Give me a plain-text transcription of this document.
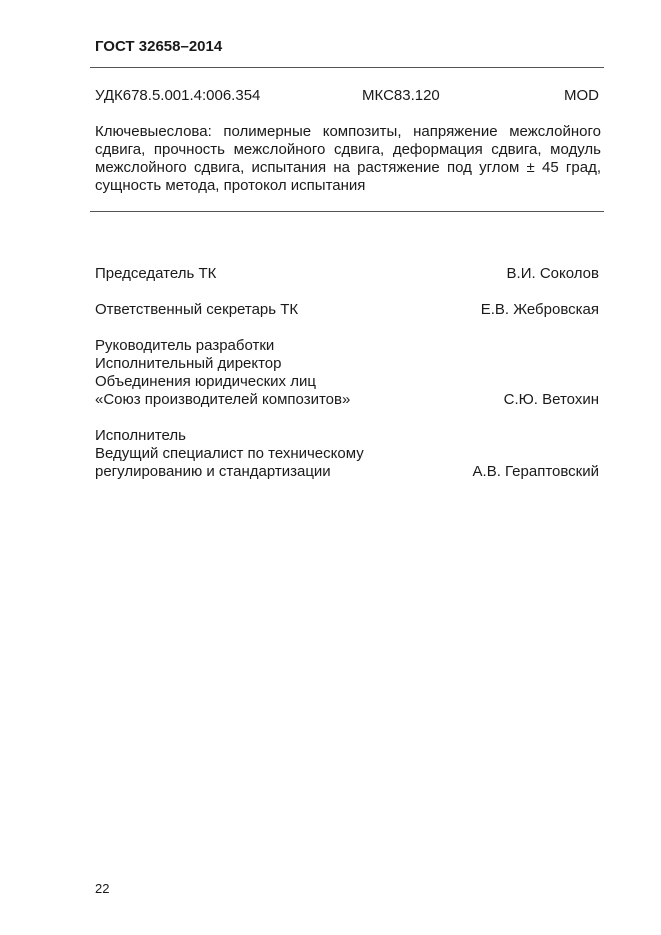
ГОСТ 32658–2014
УДК678.5.001.4:006.354	МКС83.120	MOD
Ключевыеслова: полимерные композиты, напряжение межслойного
сдвига, прочность межслойного сдвига, деформация сдвига, модуль
межслойного сдвига, испытания на растяжение под углом ± 45 град,
сущность метода, протокол испытания
Председатель ТК	В.И. Соколов
Ответственный секретарь ТК	Е.В. Жебровская
Руководитель разработки
Исполнительный директор
Объединения юридических лиц
«Союз производителей композитов»	С.Ю. Ветохин
Исполнитель
Ведущий специалист по техническому
регулированию и стандартизации	А.В. Гераптовский
22
